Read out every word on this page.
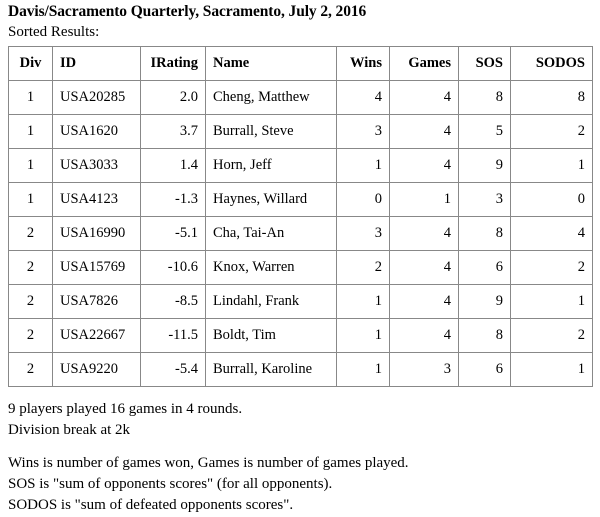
Davis/Sacramento Quarterly, Sacramento, July 2, 2016
Sorted Results:
Div	ID	IRating	Name	Wins	Games	SOS	SODOS
1	USA20285	2.0	Cheng, Matthew	4	4	8	8
1	USA1620	3.7	Burrall, Steve	3	4	5	2
1	USA3033	1.4	Horn, Jeff	1	4	9	1
1	USA4123	-1.3	Haynes, Willard	0	1	3	0
2	USA16990	-5.1	Cha, Tai-An	3	4	8	4
2	USA15769	-10.6	Knox, Warren	2	4	6	2
2	USA7826	-8.5	Lindahl, Frank	1	4	9	1
2	USA22667	-11.5	Boldt, Tim	1	4	8	2
2	USA9220	-5.4	Burrall, Karoline	1	3	6	1
9 players played 16 games in 4 rounds.
Division break at 2k
Wins is number of games won, Games is number of games played.
SOS is "sum of opponents scores" (for all opponents).
SODOS is "sum of defeated opponents scores".
